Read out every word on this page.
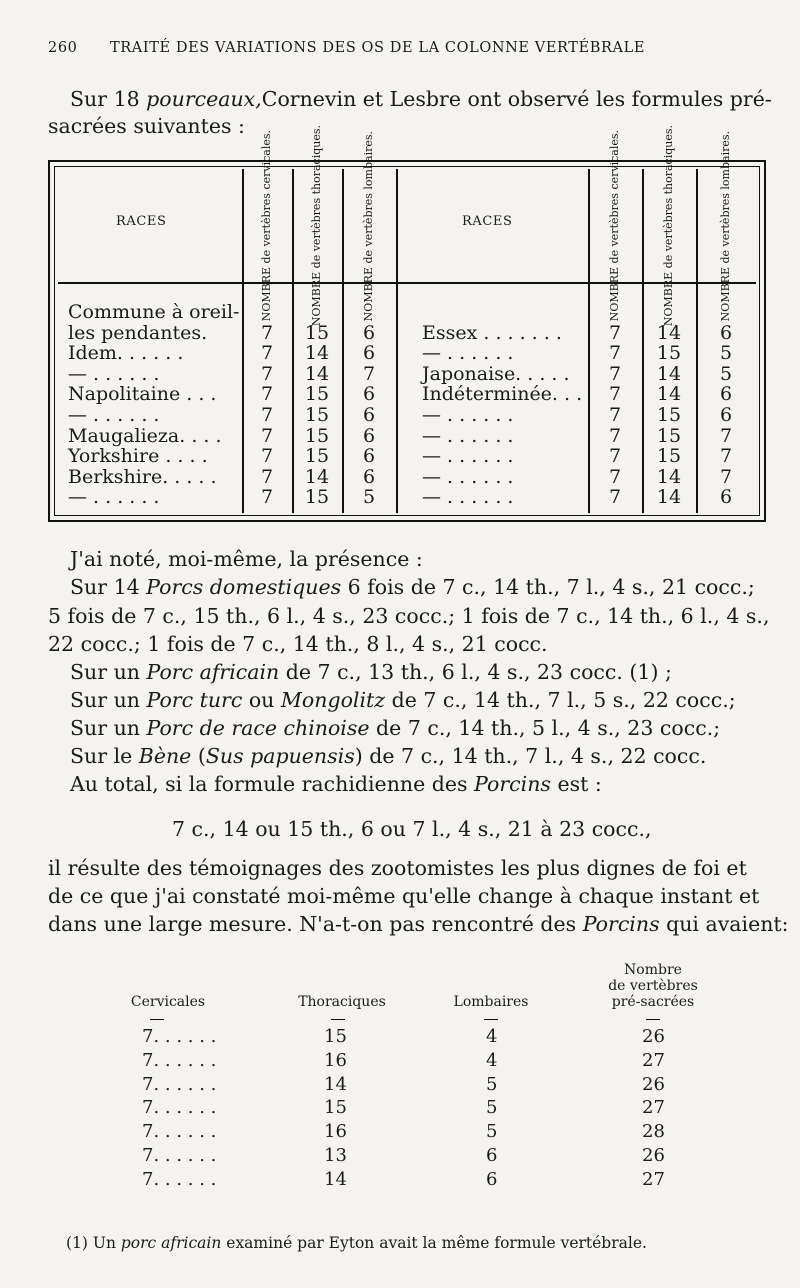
260 TRAITÉ DES VARIATIONS DES OS DE LA COLONNE VERTÉBRALE
Sur 18 pourceaux,Cornevin et Lesbre ont observé les formules pré-
sacrées suivantes :
RACES	RACES
NOMBRE de vertèbres cervicales.	NOMBRE de vertèbres thoraciques.	NOMBRE de vertèbres lombaires.	NOMBRE de vertèbres cervicales.	NOMBRE de vertèbres thoraciques.	NOMBRE de vertèbres lombaires.
Commune à oreil-
les pendantes.	7	15	6
Idem. . . . . .	7	14	6
— . . . . . .	7	14	7
Napolitaine . . .	7	15	6
— . . . . . .	7	15	6
Maugalieza. . . .	7	15	6
Yorkshire . . . .	7	15	6
Berkshire. . . . .	7	14	6
— . . . . . .	7	15	5
Essex . . . . . . .	7	14	6
— . . . . . .	7	15	5
Japonaise. . . . .	7	14	5
Indéterminée. . .	7	14	6
— . . . . . .	7	15	6
— . . . . . .	7	15	7
— . . . . . .	7	15	7
— . . . . . .	7	14	7
— . . . . . .	7	14	6
J'ai noté, moi-même, la présence :
Sur 14 Porcs domestiques 6 fois de 7 c., 14 th., 7 l., 4 s., 21 cocc.;
5 fois de 7 c., 15 th., 6 l., 4 s., 23 cocc.; 1 fois de 7 c., 14 th., 6 l., 4 s.,
22 cocc.; 1 fois de 7 c., 14 th., 8 l., 4 s., 21 cocc.
Sur un Porc africain de 7 c., 13 th., 6 l., 4 s., 23 cocc. (1) ;
Sur un Porc turc ou Mongolitz de 7 c., 14 th., 7 l., 5 s., 22 cocc.;
Sur un Porc de race chinoise de 7 c., 14 th., 5 l., 4 s., 23 cocc.;
Sur le Bène (Sus papuensis) de 7 c., 14 th., 7 l., 4 s., 22 cocc.
Au total, si la formule rachidienne des Porcins est :
7 c., 14 ou 15 th., 6 ou 7 l., 4 s., 21 à 23 cocc.,
il résulte des témoignages des zootomistes les plus dignes de foi et
de ce que j'ai constaté moi-même qu'elle change à chaque instant et
dans une large mesure. N'a-t-on pas rencontré des Porcins qui avaient:
Cervicales	Thoraciques	Lombaires
Nombre
de vertèbres
pré-sacrées
(1) Un porc africain examiné par Eyton avait la même formule vertébrale.
7. . . . . .	15	4	26
7. . . . . .	16	4	27
7. . . . . .	14	5	26
7. . . . . .	15	5	27
7. . . . . .	16	5	28
7. . . . . .	13	6	26
7. . . . . .	14	6	27
